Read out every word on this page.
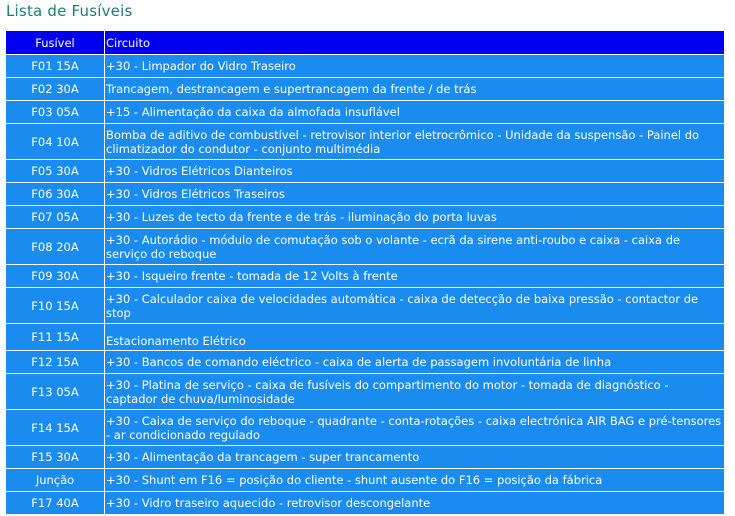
Lista de Fusíveis
Fusível	Circuito
F01 15A	+30 - Limpador do Vidro Traseiro
F02 30A	Trancagem, destrancagem e supertrancagem da frente / de trás
F03 05A	+15 - Alimentação da caixa da almofada insuflável
F04 10A	Bomba de aditivo de combustível - retrovisor interior eletrocrômico - Unidade da suspensão - Painel do climatizador do condutor - conjunto multimédia
F05 30A	+30 - Vidros Elétricos Dianteiros
F06 30A	+30 - Vidros Elétricos Traseiros
F07 05A	+30 - Luzes de tecto da frente e de trás - iluminação do porta luvas
F08 20A	+30 - Autorádio - módulo de comutação sob o volante - ecrã da sirene anti-roubo e caixa - caixa de serviço do reboque
F09 30A	+30 - Isqueiro frente - tomada de 12 Volts à frente
F10 15A	+30 - Calculador caixa de velocidades automática - caixa de detecção de baixa pressão - contactor de stop
F11 15A	Estacionamento Elétrico
F12 15A	+30 - Bancos de comando eléctrico - caixa de alerta de passagem involuntária de linha
F13 05A	+30 - Platina de serviço - caixa de fusíveis do compartimento do motor - tomada de diagnóstico - captador de chuva/luminosidade
F14 15A	+30 - Caixa de serviço do reboque - quadrante - conta-rotações - caixa electrónica AIR BAG e pré-tensores - ar condicionado regulado
F15 30A	+30 - Alimentação da trancagem - super trancamento
Junção	+30 - Shunt em F16 = posição do cliente - shunt ausente do F16 = posição da fábrica
F17 40A	+30 - Vidro traseiro aquecido - retrovisor descongelante
